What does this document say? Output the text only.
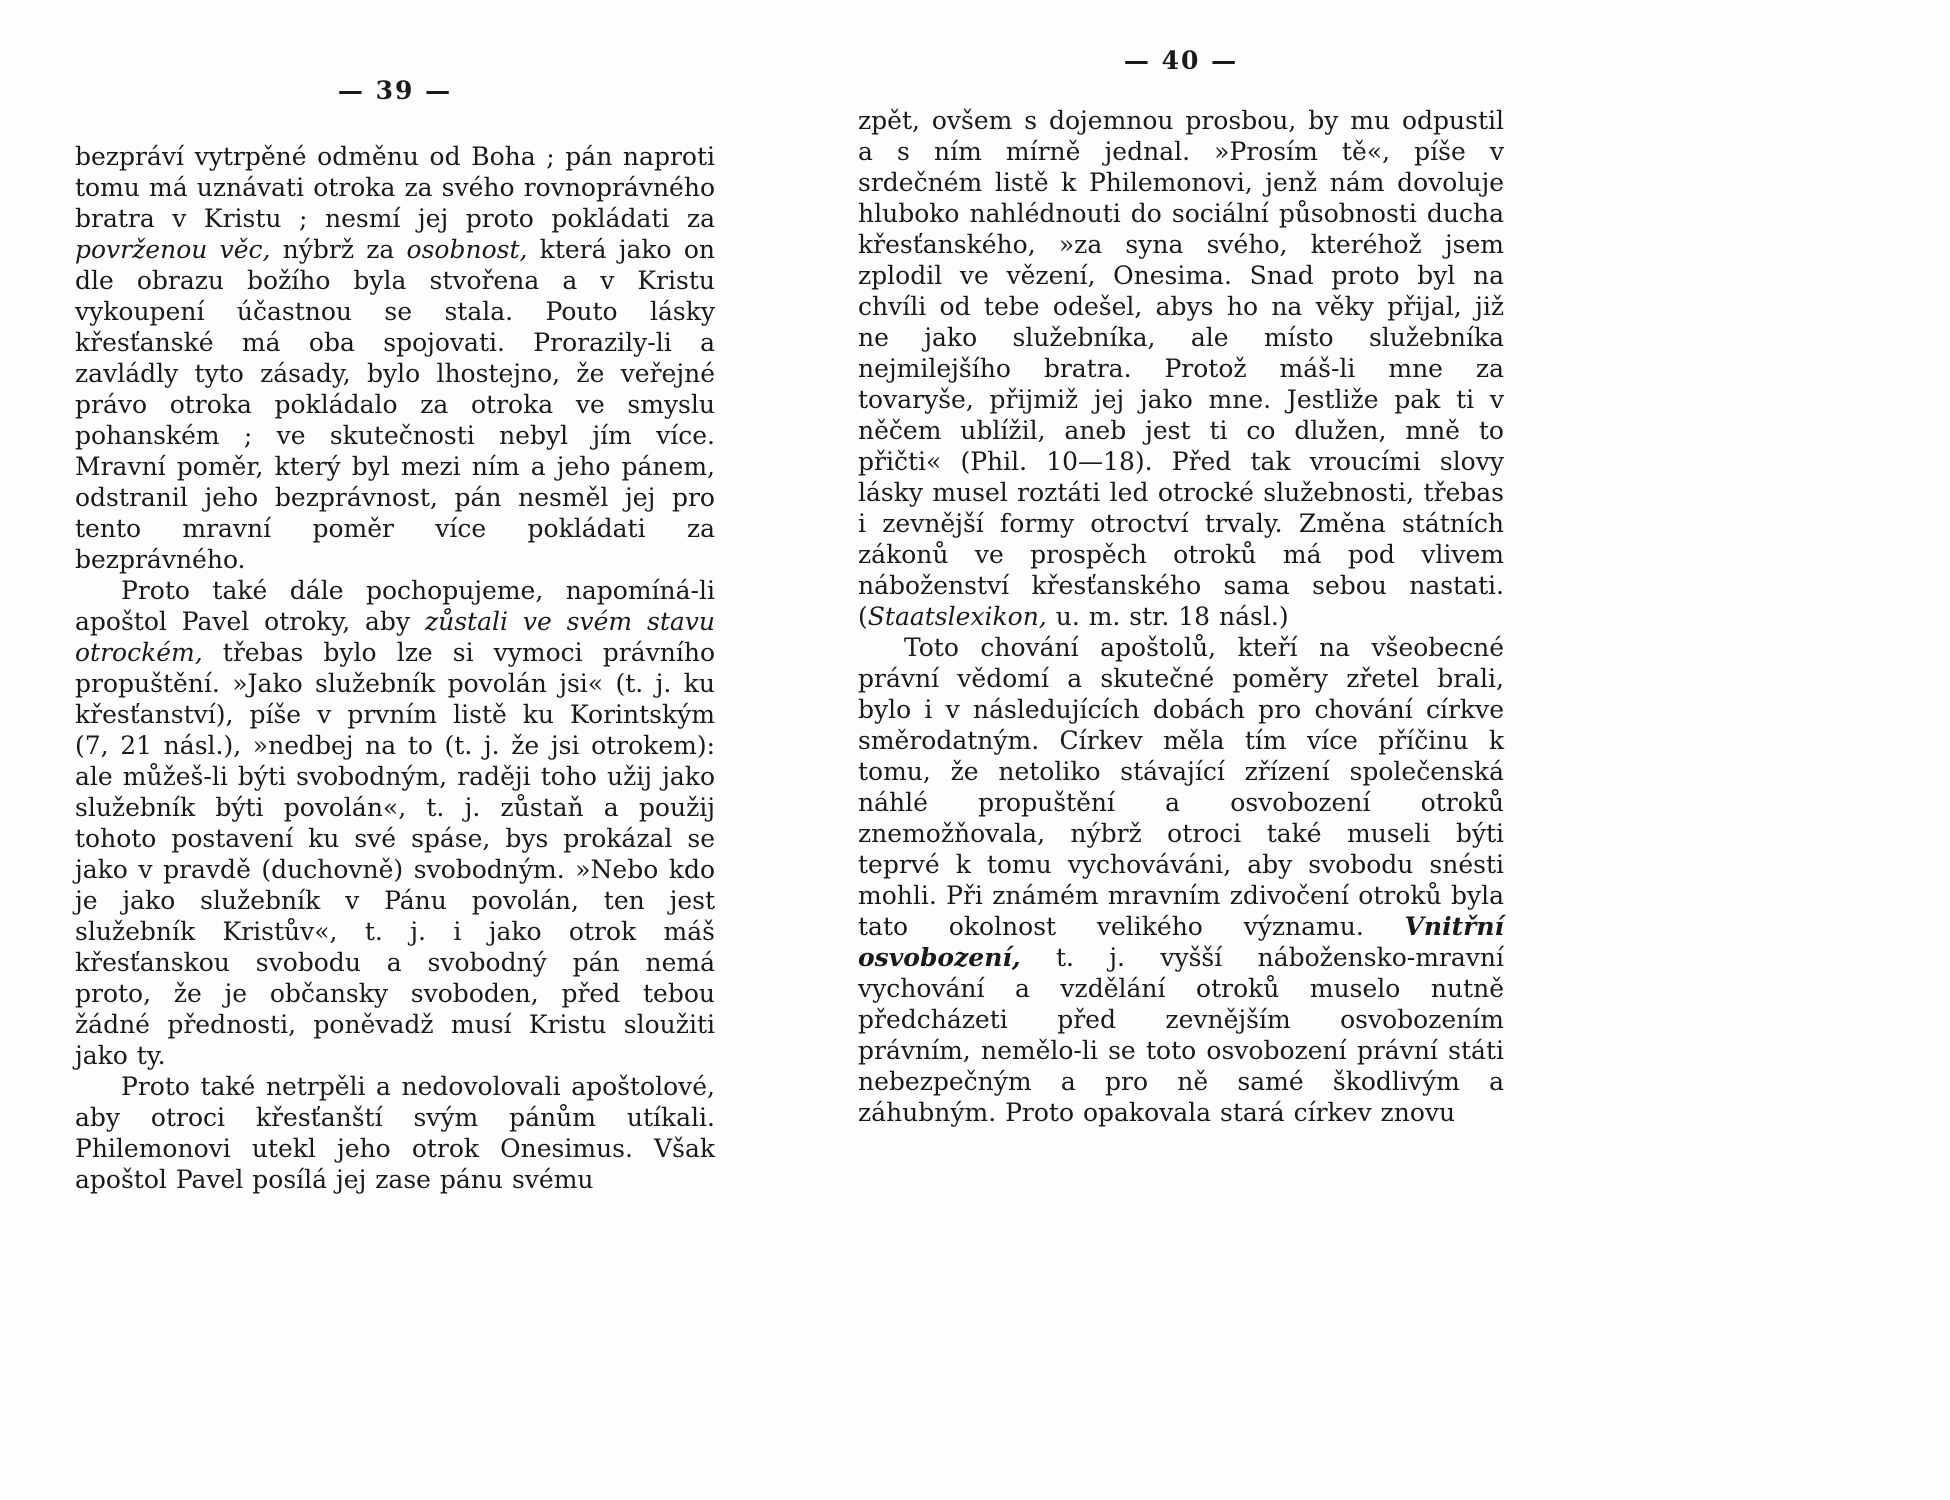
— 39 —

bezpráví vytrpěné odměnu od Boha ; pán naproti tomu má uznávati otroka za svého rovnoprávného bratra v Kristu ; nesmí jej proto pokládati za povrženou věc, nýbrž za osobnost, která jako on dle obrazu božího byla stvořena a v Kristu vykoupení účastnou se stala. Pouto lásky křesťanské má oba spojovati. Prorazily-li a zavládly tyto zásady, bylo lhostejno, že veřejné právo otroka pokládalo za otroka ve smyslu pohanském ; ve skutečnosti nebyl jím více. Mravní poměr, který byl mezi ním a jeho pánem, odstranil jeho bezprávnost, pán nesměl jej pro tento mravní poměr více pokládati za bezprávného.

Proto také dále pochopujeme, napomíná-li apoštol Pavel otroky, aby zůstali ve svém stavu otrockém, třebas bylo lze si vymoci právního propuštění. »Jako služebník povolán jsi« (t. j. ku křesťanství), píše v prvním listě ku Korintským (7, 21 násl.), »nedbej na to (t. j. že jsi otrokem): ale můžeš-li býti svobodným, raději toho užij jako služebník býti povolán«, t. j. zůstaň a použij tohoto postavení ku své spáse, bys prokázal se jako v pravdě (duchovně) svobodným. »Nebo kdo je jako služebník v Pánu povolán, ten jest služebník Kristův«, t. j. i jako otrok máš křesťanskou svobodu a svobodný pán nemá proto, že je občansky svoboden, před tebou žádné přednosti, poněvadž musí Kristu sloužiti jako ty.

Proto také netrpěli a nedovolovali apoštolové, aby otroci křesťanští svým pánům utíkali. Philemonovi utekl jeho otrok Onesimus. Však apoštol Pavel posílá jej zase pánu svému

— 40 —

zpět, ovšem s dojemnou prosbou, by mu odpustil a s ním mírně jednal. »Prosím tě«, píše v srdečném listě k Philemonovi, jenž nám dovoluje hluboko nahlédnouti do sociální působnosti ducha křesťanského, »za syna svého, kteréhož jsem zplodil ve vězení, Onesima. Snad proto byl na chvíli od tebe odešel, abys ho na věky přijal, již ne jako služebníka, ale místo služebníka nejmilejšího bratra. Protož máš-li mne za tovaryše, přijmiž jej jako mne. Jestliže pak ti v něčem ublížil, aneb jest ti co dlužen, mně to přičti« (Phil. 10—18). Před tak vroucími slovy lásky musel roztáti led otrocké služebnosti, třebas i zevnější formy otroctví trvaly. Změna státních zákonů ve prospěch otroků má pod vlivem náboženství křesťanského sama sebou nastati. (Staatslexikon, u. m. str. 18 násl.)

Toto chování apoštolů, kteří na všeobecné právní vědomí a skutečné poměry zřetel brali, bylo i v následujících dobách pro chování církve směrodatným. Církev měla tím více příčinu k tomu, že netoliko stávající zřízení společenská náhlé propuštění a osvobození otroků znemožňovala, nýbrž otroci také museli býti teprvé k tomu vychováváni, aby svobodu snésti mohli. Při známém mravním zdivočení otroků byla tato okolnost velikého významu. Vnitřní osvobození, t. j. vyšší nábožensko-mravní vychování a vzdělání otroků muselo nutně předcházeti před zevnějším osvobozením právním, nemělo-li se toto osvobození právní státi nebezpečným a pro ně samé škodlivým a záhubným. Proto opakovala stará církev znovu
